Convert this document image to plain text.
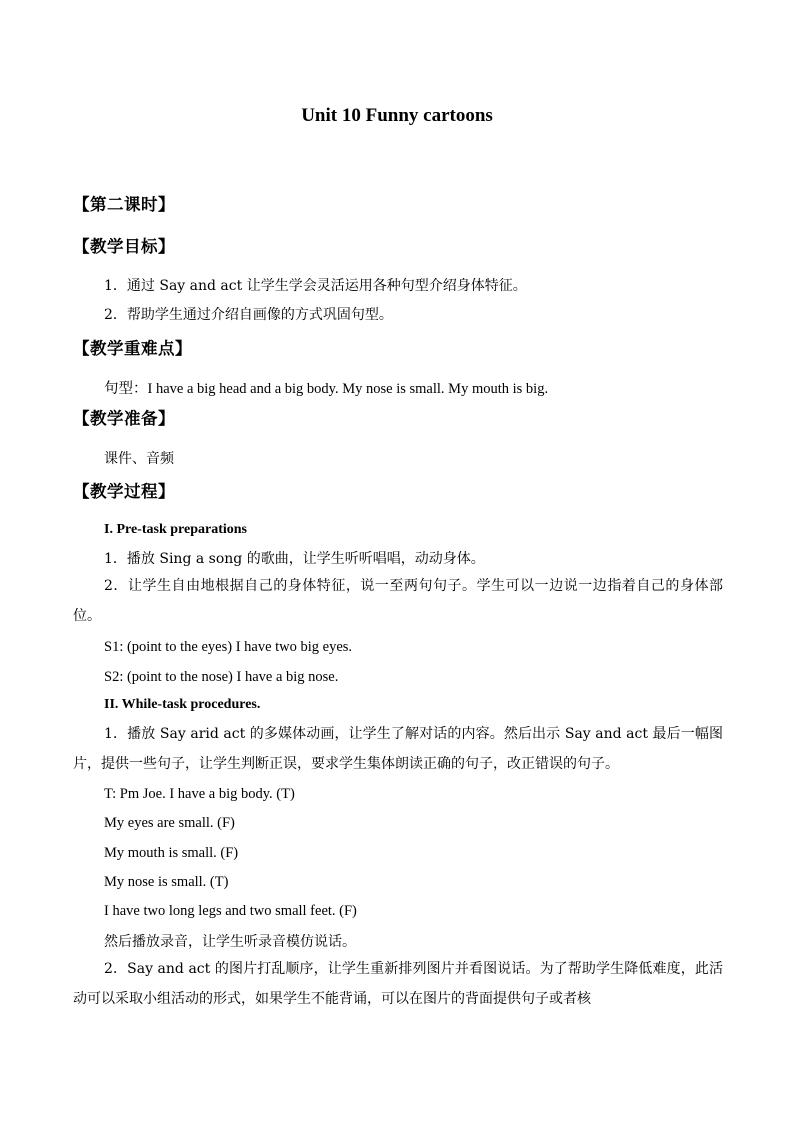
Unit 10 Funny cartoons
【第二课时】
【教学目标】
1．通过 Say and act 让学生学会灵活运用各种句型介绍身体特征。
2．帮助学生通过介绍自画像的方式巩固句型。
【教学重难点】
句型：I have a big head and a big body. My nose is small. My mouth is big.
【教学准备】
课件、音频
【教学过程】
I. Pre-task preparations
1．播放 Sing a song 的歌曲，让学生听听唱唱，动动身体。
2．让学生自由地根据自己的身体特征，说一至两句句子。学生可以一边说一边指着自己的身体部位。
S1: (point to the eyes) I have two big eyes.
S2: (point to the nose) I have a big nose.
II. While-task procedures.
1．播放 Say arid act 的多媒体动画，让学生了解对话的内容。然后出示 Say and act 最后一幅图片，提供一些句子，让学生判断正误，要求学生集体朗读正确的句子，改正错误的句子。
T: Pm Joe. I have a big body. (T)
My eyes are small. (F)
My mouth is small. (F)
My nose is small. (T)
I have two long legs and two small feet. (F)
然后播放录音，让学生听录音模仿说话。
2．Say and act 的图片打乱顺序，让学生重新排列图片并看图说话。为了帮助学生降低难度，此活动可以采取小组活动的形式，如果学生不能背诵，可以在图片的背面提供句子或者核
